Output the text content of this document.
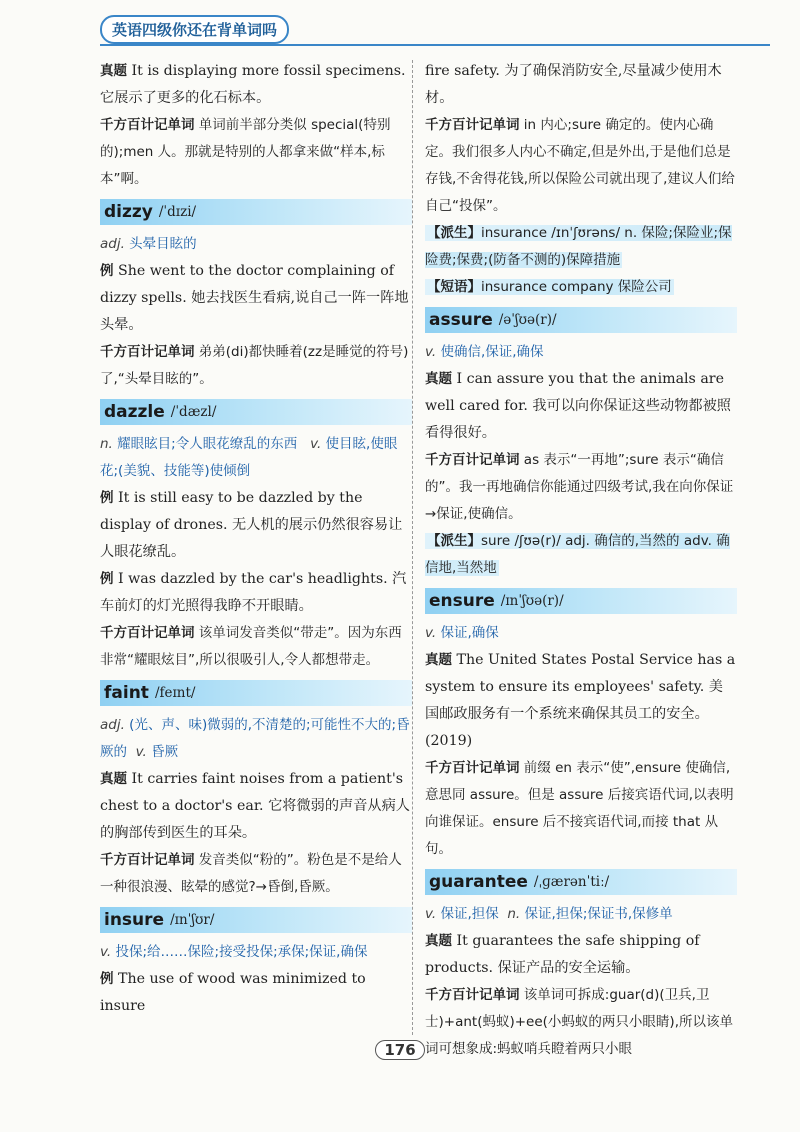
英语四级你还在背单词吗

真题 It is displaying more fossil specimens. 它展示了更多的化石标本。

千方百计记单词 单词前半部分类似 special(特别的);men 人。那就是特别的人都拿来做“样本,标本”啊。

dizzy /ˈdɪzi/

adj. 头晕目眩的

例 She went to the doctor complaining of dizzy spells. 她去找医生看病,说自己一阵一阵地头晕。

千方百计记单词 弟弟(di)都快睡着(zz是睡觉的符号)了,“头晕目眩的”。

dazzle /ˈdæzl/

n. 耀眼眩目;令人眼花缭乱的东西 v. 使目眩,使眼花;(美貌、技能等)使倾倒

例 It is still easy to be dazzled by the display of drones. 无人机的展示仍然很容易让人眼花缭乱。

例 I was dazzled by the car's headlights. 汽车前灯的灯光照得我睁不开眼睛。

千方百计记单词 该单词发音类似“带走”。因为东西非常“耀眼炫目”,所以很吸引人,令人都想带走。

faint /feɪnt/

adj. (光、声、味)微弱的,不清楚的;可能性不大的;昏厥的 v. 昏厥

真题 It carries faint noises from a patient's chest to a doctor's ear. 它将微弱的声音从病人的胸部传到医生的耳朵。

千方百计记单词 发音类似“粉的”。粉色是不是给人一种很浪漫、眩晕的感觉?→昏倒,昏厥。

insure /ɪnˈʃʊr/

v. 投保;给……保险;接受投保;承保;保证,确保

例 The use of wood was minimized to insure

fire safety. 为了确保消防安全,尽量减少使用木材。

千方百计记单词 in 内心;sure 确定的。使内心确定。我们很多人内心不确定,但是外出,于是他们总是存钱,不舍得花钱,所以保险公司就出现了,建议人们给自己“投保”。

【派生】insurance /ɪnˈʃʊrəns/ n. 保险;保险业;保险费;保费;(防备不测的)保障措施

【短语】insurance company 保险公司

assure /əˈʃʊə(r)/

v. 使确信,保证,确保

真题 I can assure you that the animals are well cared for. 我可以向你保证这些动物都被照看得很好。

千方百计记单词 as 表示“一再地”;sure 表示“确信的”。我一再地确信你能通过四级考试,我在向你保证→保证,使确信。

【派生】sure /ʃʊə(r)/ adj. 确信的,当然的 adv. 确信地,当然地

ensure /ɪnˈʃʊə(r)/

v. 保证,确保

真题 The United States Postal Service has a system to ensure its employees' safety. 美国邮政服务有一个系统来确保其员工的安全。(2019)

千方百计记单词 前缀 en 表示“使”,ensure 使确信,意思同 assure。但是 assure 后接宾语代词,以表明向谁保证。ensure 后不接宾语代词,而接 that 从句。

guarantee /ˌɡærənˈtiː/

v. 保证,担保 n. 保证,担保;保证书,保修单

真题 It guarantees the safe shipping of products. 保证产品的安全运输。

千方百计记单词 该单词可拆成:guar(d)(卫兵,卫士)+ant(蚂蚁)+ee(小蚂蚁的两只小眼睛),所以该单词可想象成:蚂蚁哨兵瞪着两只小眼

176
